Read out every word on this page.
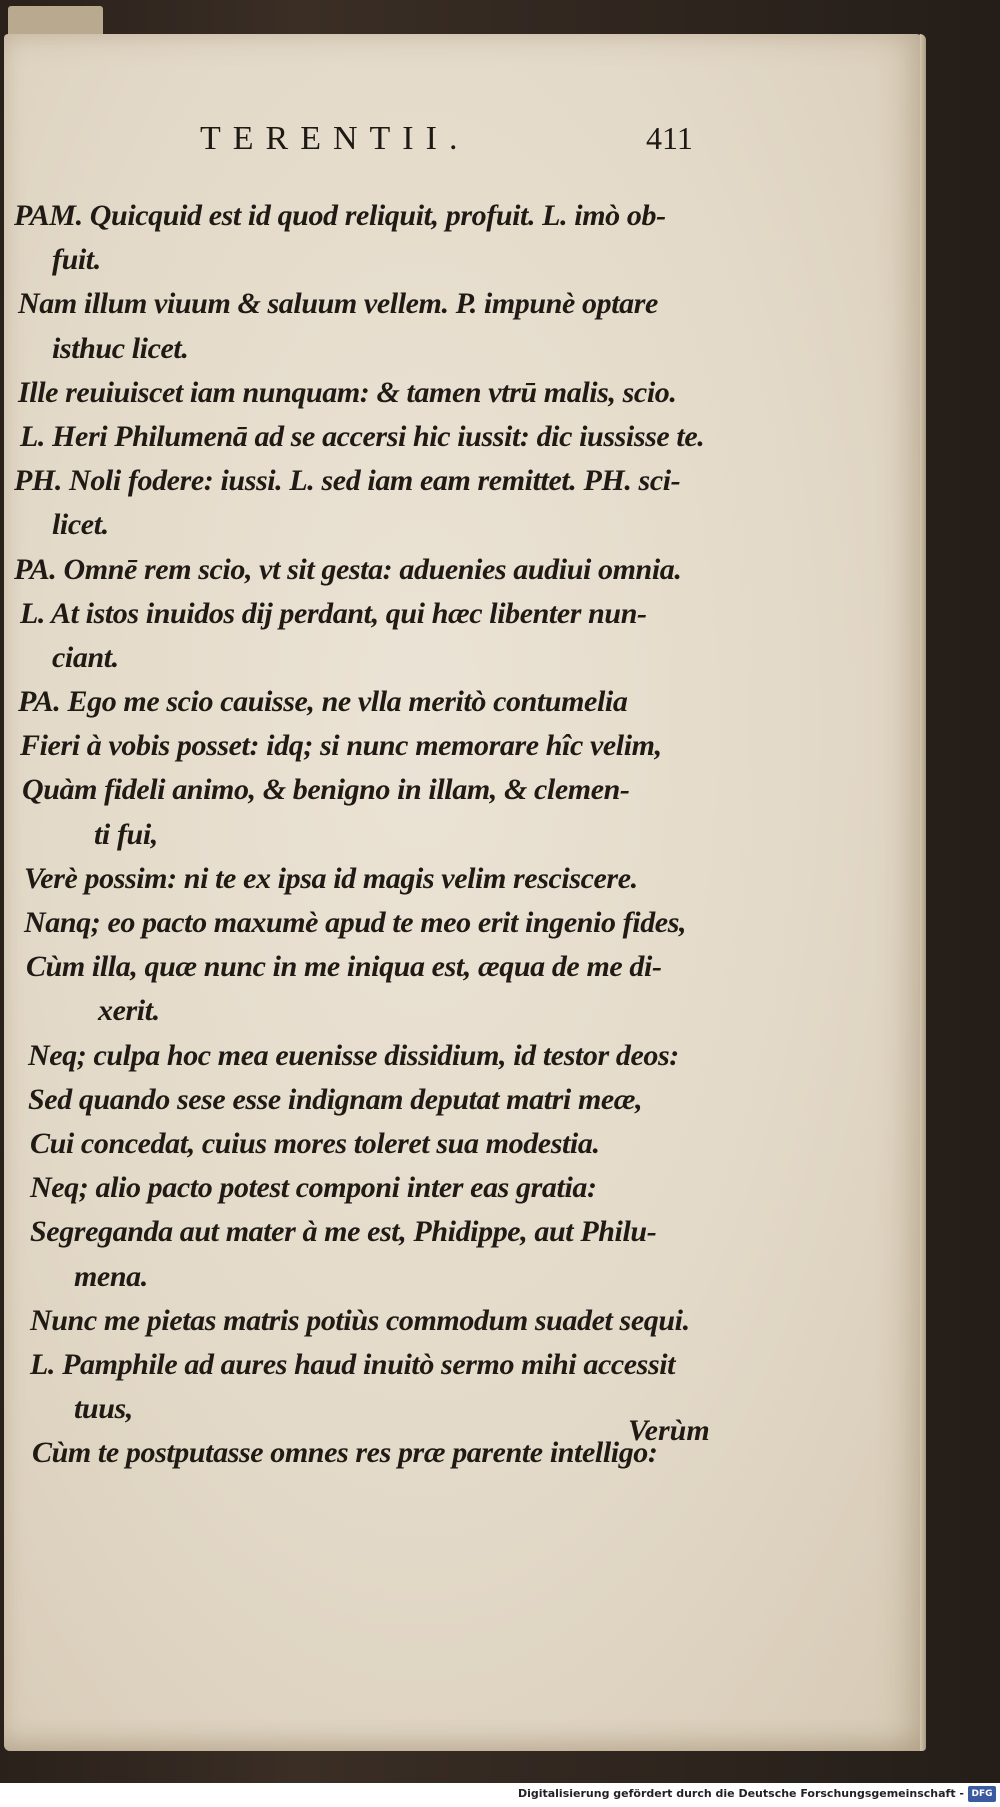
TERENTII.	411
PAM. Quicquid est id quod reliquit, profuit. L. imò ob-
fuit.
Nam illum viuum & saluum vellem. P. impunè optare
isthuc licet.
Ille reuiuiscet iam nunquam: & tamen vtrū malis, scio.
L. Heri Philumenā ad se accersi hic iussit: dic iussisse te.
PH. Noli fodere: iussi. L. sed iam eam remittet. PH. sci-
licet.
PA. Omnē rem scio, vt sit gesta: aduenies audiui omnia.
L. At istos inuidos dij perdant, qui hæc libenter nun-
ciant.
PA. Ego me scio cauisse, ne vlla meritò contumelia
Fieri à vobis posset: idq; si nunc memorare hîc velim,
Quàm fideli animo, & benigno in illam, & clemen-
ti fui,
Verè possim: ni te ex ipsa id magis velim resciscere.
Nanq; eo pacto maxumè apud te meo erit ingenio fides,
Cùm illa, quæ nunc in me iniqua est, æqua de me di-
xerit.
Neq; culpa hoc mea euenisse dissidium, id testor deos:
Sed quando sese esse indignam deputat matri meæ,
Cui concedat, cuius mores toleret sua modestia.
Neq; alio pacto potest componi inter eas gratia:
Segreganda aut mater à me est, Phidippe, aut Philu-
mena.
Nunc me pietas matris potiùs commodum suadet sequi.
L. Pamphile ad aures haud inuitò sermo mihi accessit
tuus,
Cùm te postputasse omnes res præ parente intelligo:
Verùm
Digitalisierung gefördert durch die Deutsche Forschungsgemeinschaft - DFG
